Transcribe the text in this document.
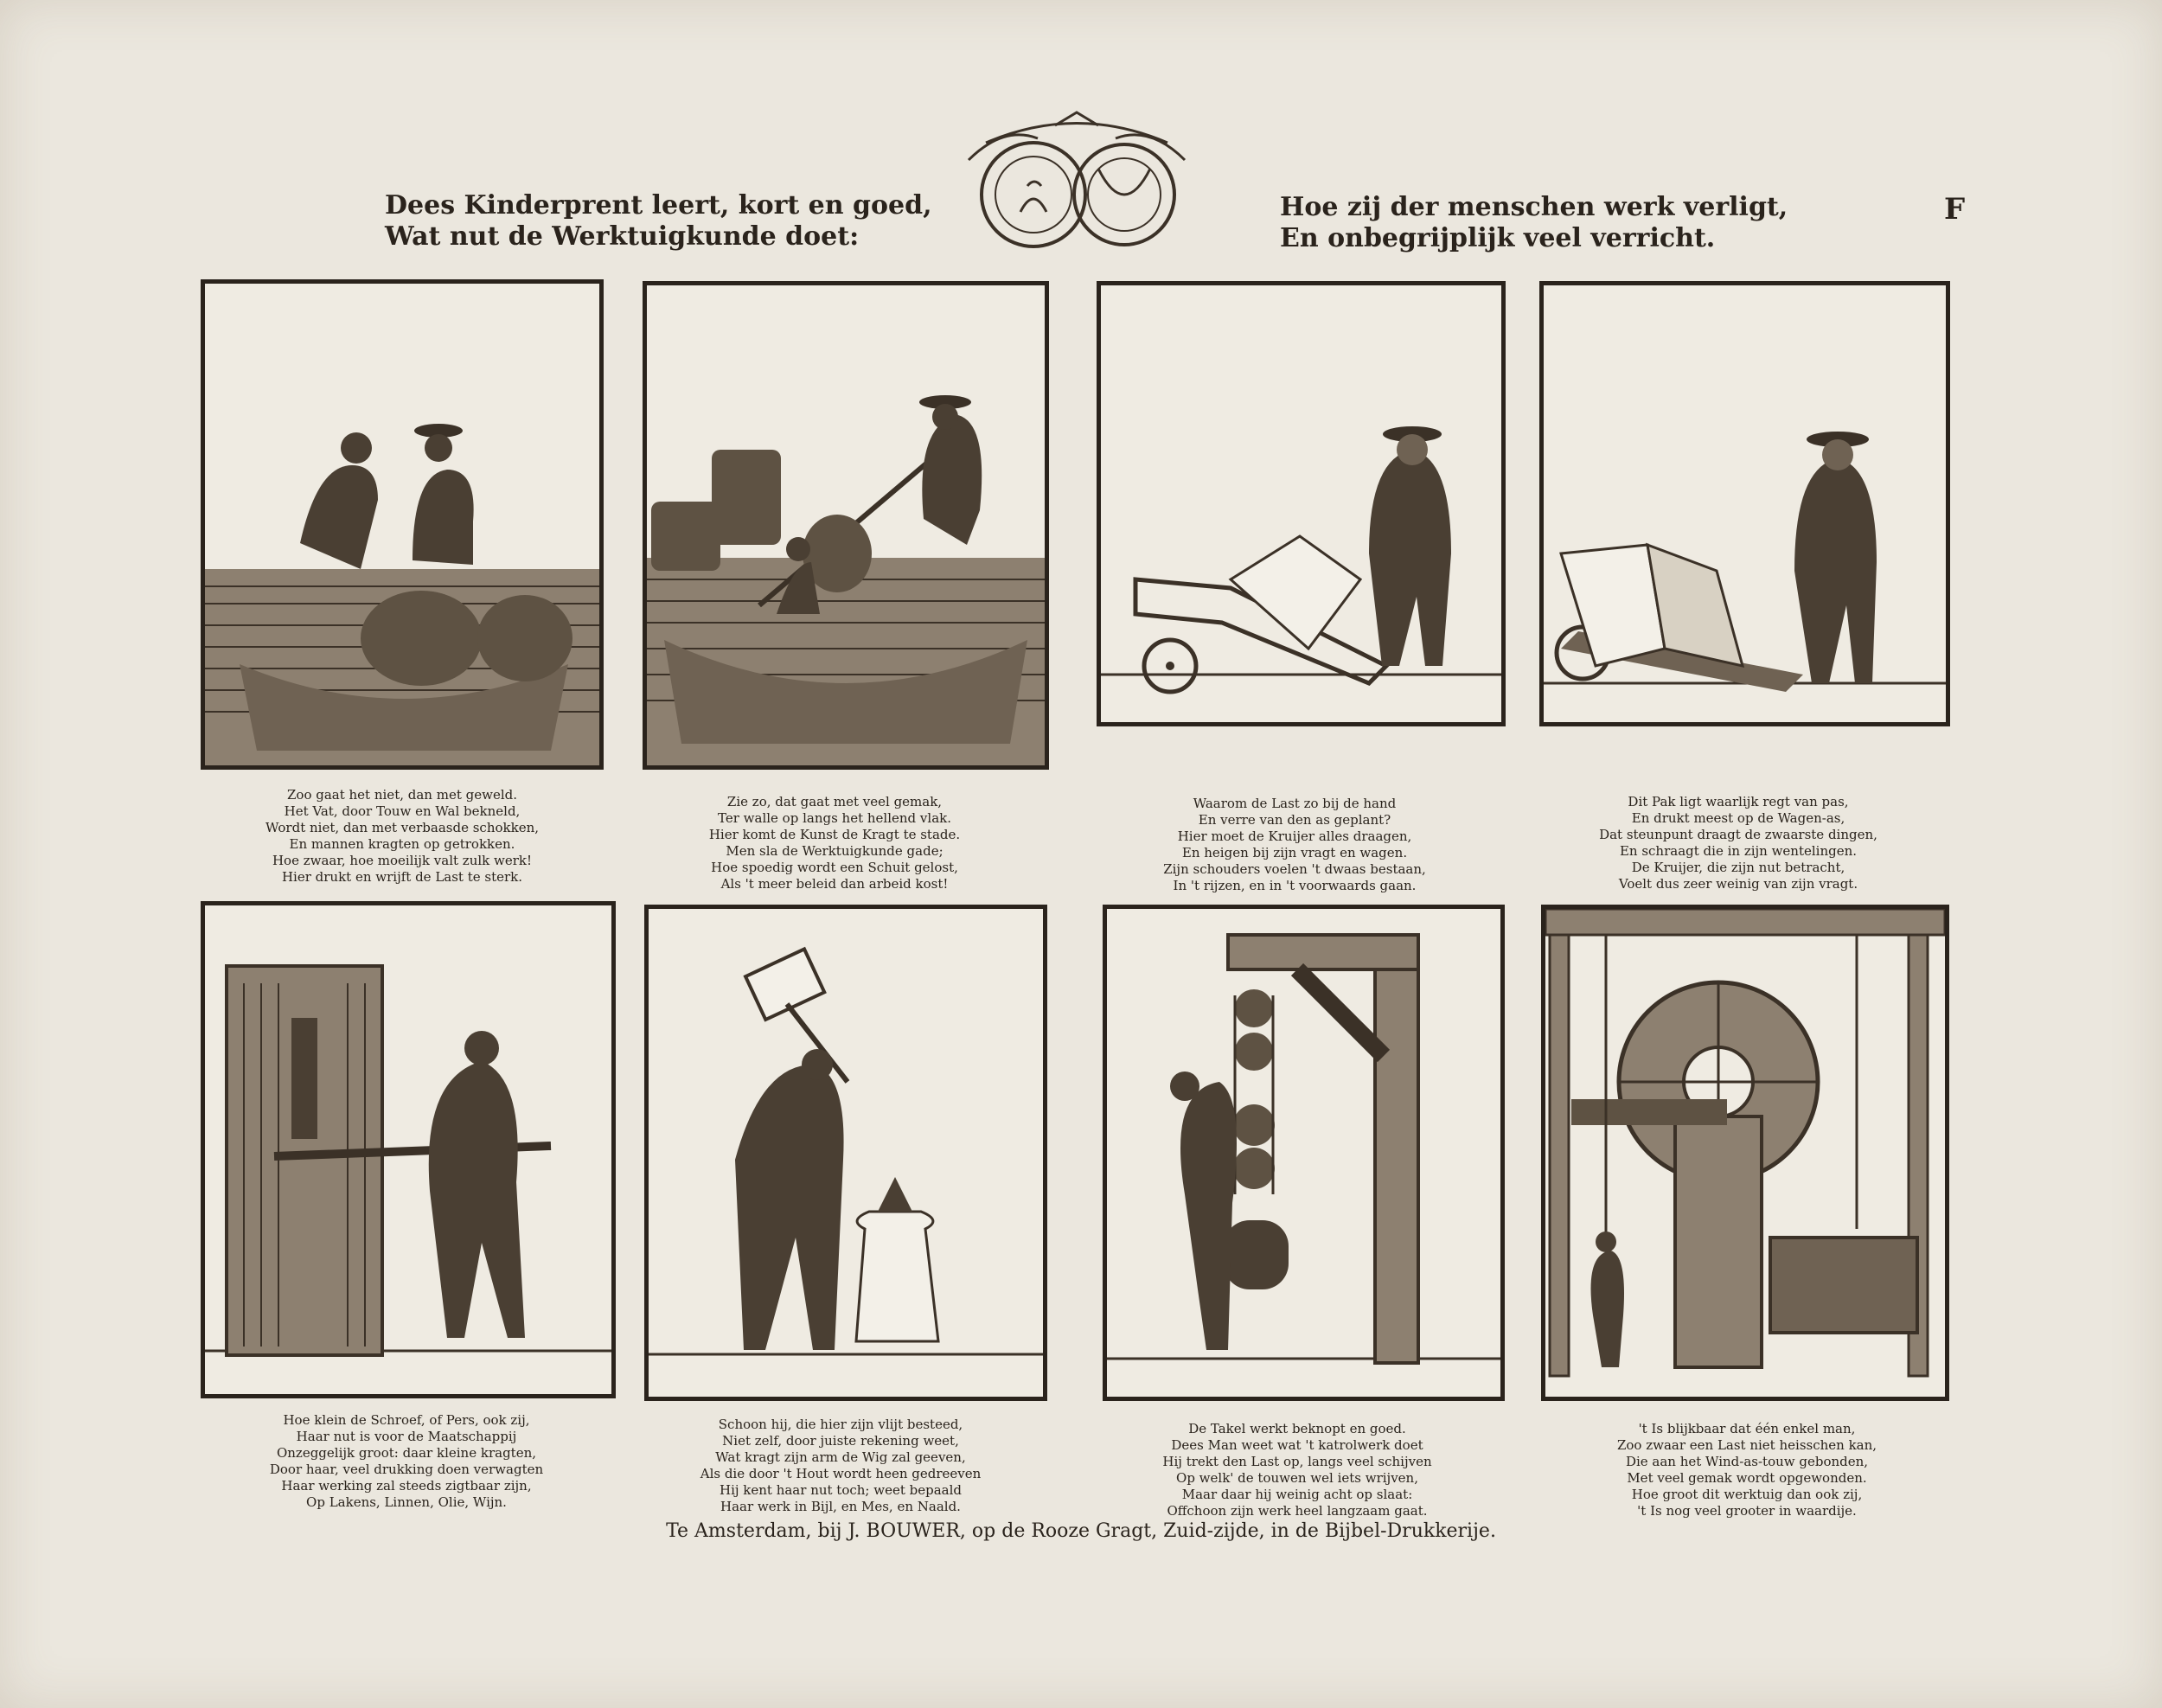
Dees Kinderprent leert, kort en goed,
Wat nut de Werktuigkunde doet:
Hoe zij der menschen werk verligt,
En onbegrijplijk veel verricht.
F
Zoo gaat het niet, dan met geweld.
Het Vat, door Touw en Wal bekneld,
Wordt niet, dan met verbaasde schokken,
En mannen kragten op getrokken.
Hoe zwaar, hoe moeilijk valt zulk werk!
Hier drukt en wrijft de Last te sterk.
Zie zo, dat gaat met veel gemak,
Ter walle op langs het hellend vlak.
Hier komt de Kunst de Kragt te stade.
Men sla de Werktuigkunde gade;
Hoe spoedig wordt een Schuit gelost,
Als 't meer beleid dan arbeid kost!
Waarom de Last zo bij de hand
En verre van den as geplant?
Hier moet de Kruijer alles draagen,
En heigen bij zijn vragt en wagen.
Zijn schouders voelen 't dwaas bestaan,
In 't rijzen, en in 't voorwaards gaan.
Dit Pak ligt waarlijk regt van pas,
En drukt meest op de Wagen-as,
Dat steunpunt draagt de zwaarste dingen,
En schraagt die in zijn wentelingen.
De Kruijer, die zijn nut betracht,
Voelt dus zeer weinig van zijn vragt.
Hoe klein de Schroef, of Pers, ook zij,
Haar nut is voor de Maatschappij
Onzeggelijk groot: daar kleine kragten,
Door haar, veel drukking doen verwagten
Haar werking zal steeds zigtbaar zijn,
Op Lakens, Linnen, Olie, Wijn.
Schoon hij, die hier zijn vlijt besteed,
Niet zelf, door juiste rekening weet,
Wat kragt zijn arm de Wig zal geeven,
Als die door 't Hout wordt heen gedreeven
Hij kent haar nut toch; weet bepaald
Haar werk in Bijl, en Mes, en Naald.
De Takel werkt beknopt en goed.
Dees Man weet wat 't katrolwerk doet
Hij trekt den Last op, langs veel schijven
Op welk' de touwen wel iets wrijven,
Maar daar hij weinig acht op slaat:
Offchoon zijn werk heel langzaam gaat.
't Is blijkbaar dat één enkel man,
Zoo zwaar een Last niet heisschen kan,
Die aan het Wind-as-touw gebonden,
Met veel gemak wordt opgewonden.
Hoe groot dit werktuig dan ook zij,
't Is nog veel grooter in waardije.
Te Amsterdam, bij J. BOUWER, op de Rooze Gragt, Zuid-zijde, in de Bijbel-Drukkerije.
